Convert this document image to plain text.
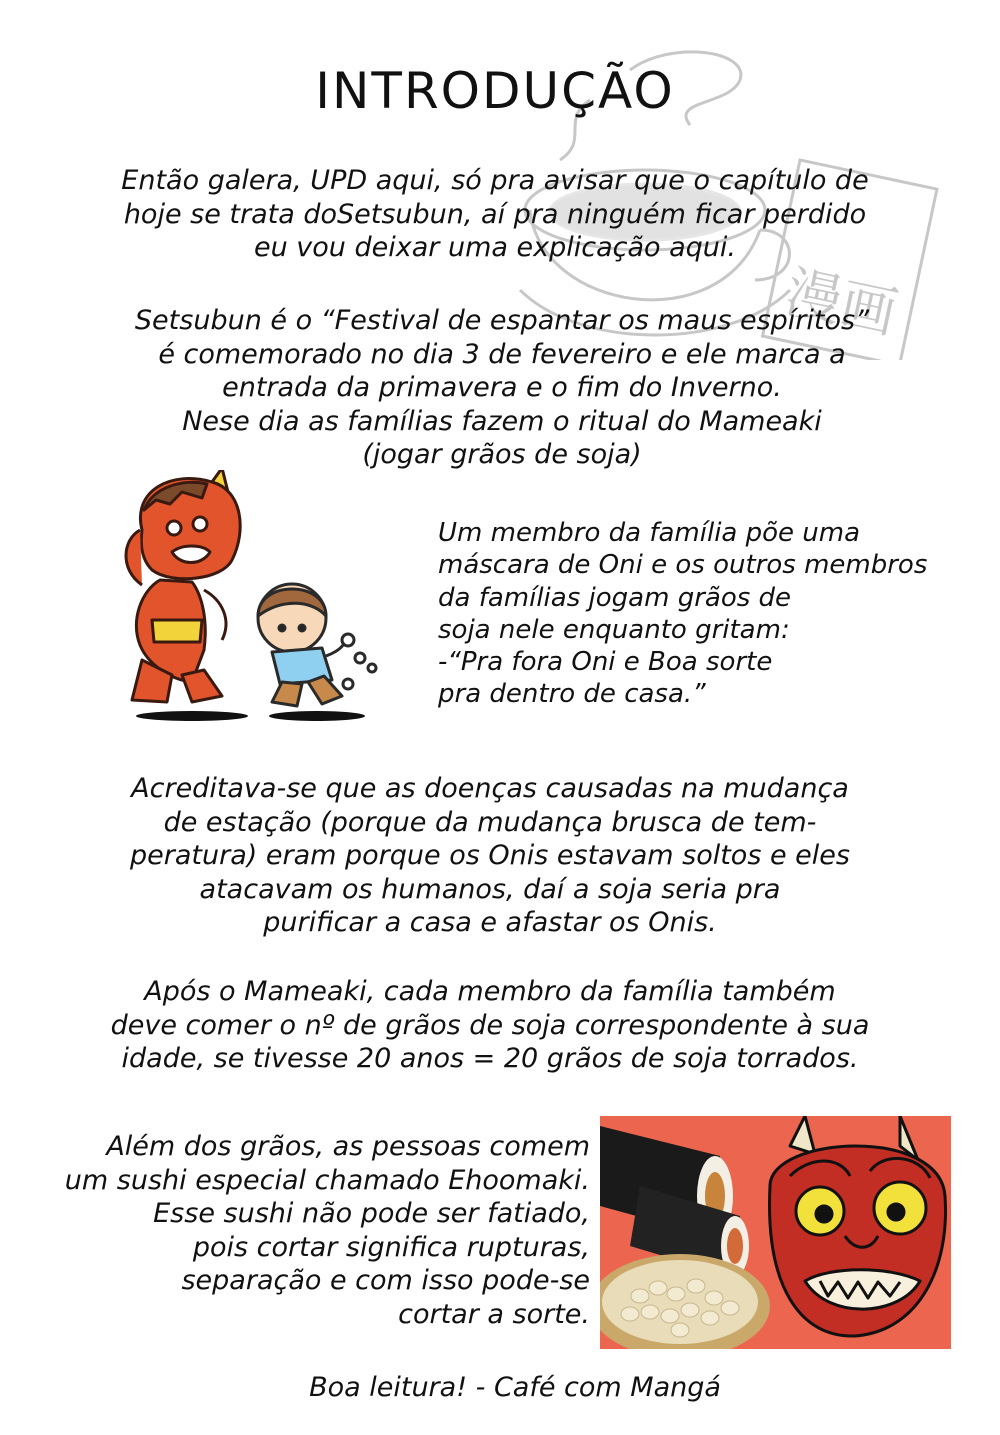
漫画
INTRODUÇÃO

Então galera, UPD aqui, só pra avisar que o capítulo de
hoje se trata doSetsubun, aí pra ninguém ficar perdido
eu vou deixar uma explicação aqui.

Setsubun é o “Festival de espantar os maus espíritos”
é comemorado no dia 3 de fevereiro e ele marca a
entrada da primavera e o fim do Inverno.
Nese dia as famílias fazem o ritual do Mameaki
(jogar grãos de soja)

Um membro da família põe uma
máscara de Oni e os outros membros
da famílias jogam grãos de
soja nele enquanto gritam:
-“Pra fora Oni e Boa sorte
pra dentro de casa.”

Acreditava-se que as doenças causadas na mudança
de estação (porque da mudança brusca de tem-
peratura) eram porque os Onis estavam soltos e eles
atacavam os humanos, daí a soja seria pra
purificar a casa e afastar os Onis.

Após o Mameaki, cada membro da família também
deve comer o nº de grãos de soja correspondente à sua
idade, se tivesse 20 anos = 20 grãos de soja torrados.

Além dos grãos, as pessoas comem
um sushi especial chamado Ehoomaki.
Esse sushi não pode ser fatiado,
pois cortar significa rupturas,
separação e com isso pode-se
cortar a sorte.

Boa leitura! - Café com Mangá
